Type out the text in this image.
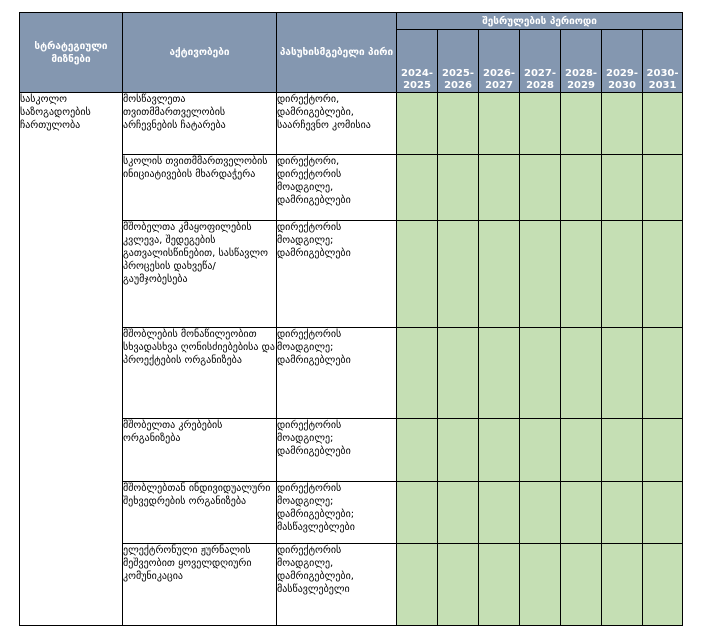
სტრატეგიული მიზნები	აქტივობები	პასუხისმგებელი პირი	შესრულების პერიოდი						
			2024-2025	2025-2026	2026-2027	2027-2028	2028-2029	2029-2030	2030-2031
სასკოლო საზოგადოების ჩართულობა	მოსწავლეთა თვითმმართველობის არჩევნების ჩატარება	დირექტორი, დამრიგებლები, საარჩევნო კომისია							
	სკოლის თვითმმართველობის ინიციატივების მხარდაჭერა	დირექტორი, დირექტორის მოადგილე, დამრიგებლები							
	მშობელთა კმაყოფილების კვლევა, შედეგების გათვალისწინებით, სასწავლო პროცესის დახვეწა/გაუმჯობესება	დირექტორის მოადგილე; დამრიგებლები							
	მშობლების მონაწილეობით სხვადასხვა ღონისძიებებისა და პროექტების ორგანიზება	დირექტორის მოადგილე; დამრიგებლები							
	მშობელთა კრებების ორგანიზება	დირექტორის მოადგილე; დამრიგებლები							
	მშობლებთან ინდივიდუალური შეხვედრების ორგანიზება	დირექტორის მოადგილე; დამრიგებლები; მასწავლებლები							
	ელექტრონული ჟურნალის მეშვეობით ყოველდღიური კომუნიკაცია	დირექტორის მოადგილე, დამრიგებლები, მასწავლებელი							
